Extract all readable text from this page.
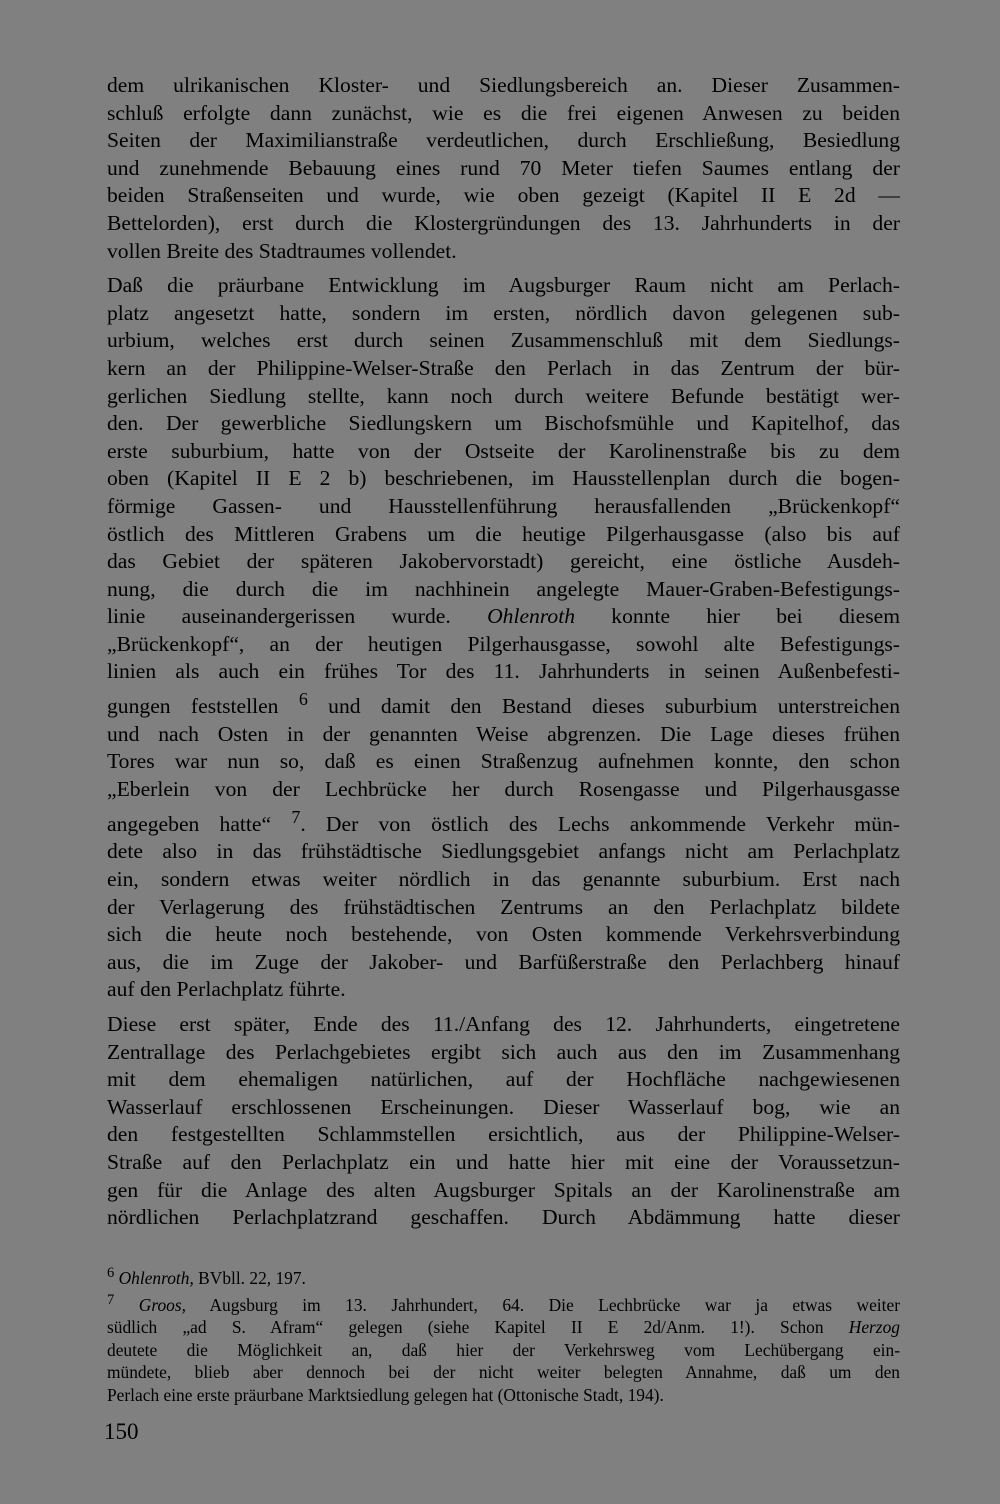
dem ulrikanischen Kloster- und Siedlungsbereich an. Dieser Zusammen-
schluß erfolgte dann zunächst, wie es die frei eigenen Anwesen zu beiden
Seiten der Maximilianstraße verdeutlichen, durch Erschließung, Besiedlung
und zunehmende Bebauung eines rund 70 Meter tiefen Saumes entlang der
beiden Straßenseiten und wurde, wie oben gezeigt (Kapitel II E 2d —
Bettelorden), erst durch die Klostergründungen des 13. Jahrhunderts in der
vollen Breite des Stadtraumes vollendet.

Daß die präurbane Entwicklung im Augsburger Raum nicht am Perlach-
platz angesetzt hatte, sondern im ersten, nördlich davon gelegenen sub-
urbium, welches erst durch seinen Zusammenschluß mit dem Siedlungs-
kern an der Philippine-Welser-Straße den Perlach in das Zentrum der bür-
gerlichen Siedlung stellte, kann noch durch weitere Befunde bestätigt wer-
den. Der gewerbliche Siedlungskern um Bischofsmühle und Kapitelhof, das
erste suburbium, hatte von der Ostseite der Karolinenstraße bis zu dem
oben (Kapitel II E 2 b) beschriebenen, im Hausstellenplan durch die bogen-
förmige Gassen- und Hausstellenführung herausfallenden „Brückenkopf“
östlich des Mittleren Grabens um die heutige Pilgerhausgasse (also bis auf
das Gebiet der späteren Jakobervorstadt) gereicht, eine östliche Ausdeh-
nung, die durch die im nachhinein angelegte Mauer-Graben-Befestigungs-
linie auseinandergerissen wurde. Ohlenroth konnte hier bei diesem
„Brückenkopf“, an der heutigen Pilgerhausgasse, sowohl alte Befestigungs-
linien als auch ein frühes Tor des 11. Jahrhunderts in seinen Außenbefesti-
gungen feststellen $^6$ und damit den Bestand dieses suburbium unterstreichen
und nach Osten in der genannten Weise abgrenzen. Die Lage dieses frühen
Tores war nun so, daß es einen Straßenzug aufnehmen konnte, den schon
„Eberlein von der Lechbrücke her durch Rosengasse und Pilgerhausgasse
angegeben hatte“ $^7$. Der von östlich des Lechs ankommende Verkehr mün-
dete also in das frühstädtische Siedlungsgebiet anfangs nicht am Perlachplatz
ein, sondern etwas weiter nördlich in das genannte suburbium. Erst nach
der Verlagerung des frühstädtischen Zentrums an den Perlachplatz bildete
sich die heute noch bestehende, von Osten kommende Verkehrsverbindung
aus, die im Zuge der Jakober- und Barfüßerstraße den Perlachberg hinauf
auf den Perlachplatz führte.

Diese erst später, Ende des 11./Anfang des 12. Jahrhunderts, eingetretene
Zentrallage des Perlachgebietes ergibt sich auch aus den im Zusammenhang
mit dem ehemaligen natürlichen, auf der Hochfläche nachgewiesenen
Wasserlauf erschlossenen Erscheinungen. Dieser Wasserlauf bog, wie an
den festgestellten Schlammstellen ersichtlich, aus der Philippine-Welser-
Straße auf den Perlachplatz ein und hatte hier mit eine der Voraussetzun-
gen für die Anlage des alten Augsburger Spitals an der Karolinenstraße am
nördlichen Perlachplatzrand geschaffen. Durch Abdämmung hatte dieser

$^6$ Ohlenroth, BVbll. 22, 197.
$^7$ Groos, Augsburg im 13. Jahrhundert, 64. Die Lechbrücke war ja etwas weiter
südlich „ad S. Afram“ gelegen (siehe Kapitel II E 2d/Anm. 1!). Schon Herzog
deutete die Möglichkeit an, daß hier der Verkehrsweg vom Lechübergang ein-
mündete, blieb aber dennoch bei der nicht weiter belegten Annahme, daß um den
Perlach eine erste präurbane Marktsiedlung gelegen hat (Ottonische Stadt, 194).
150
